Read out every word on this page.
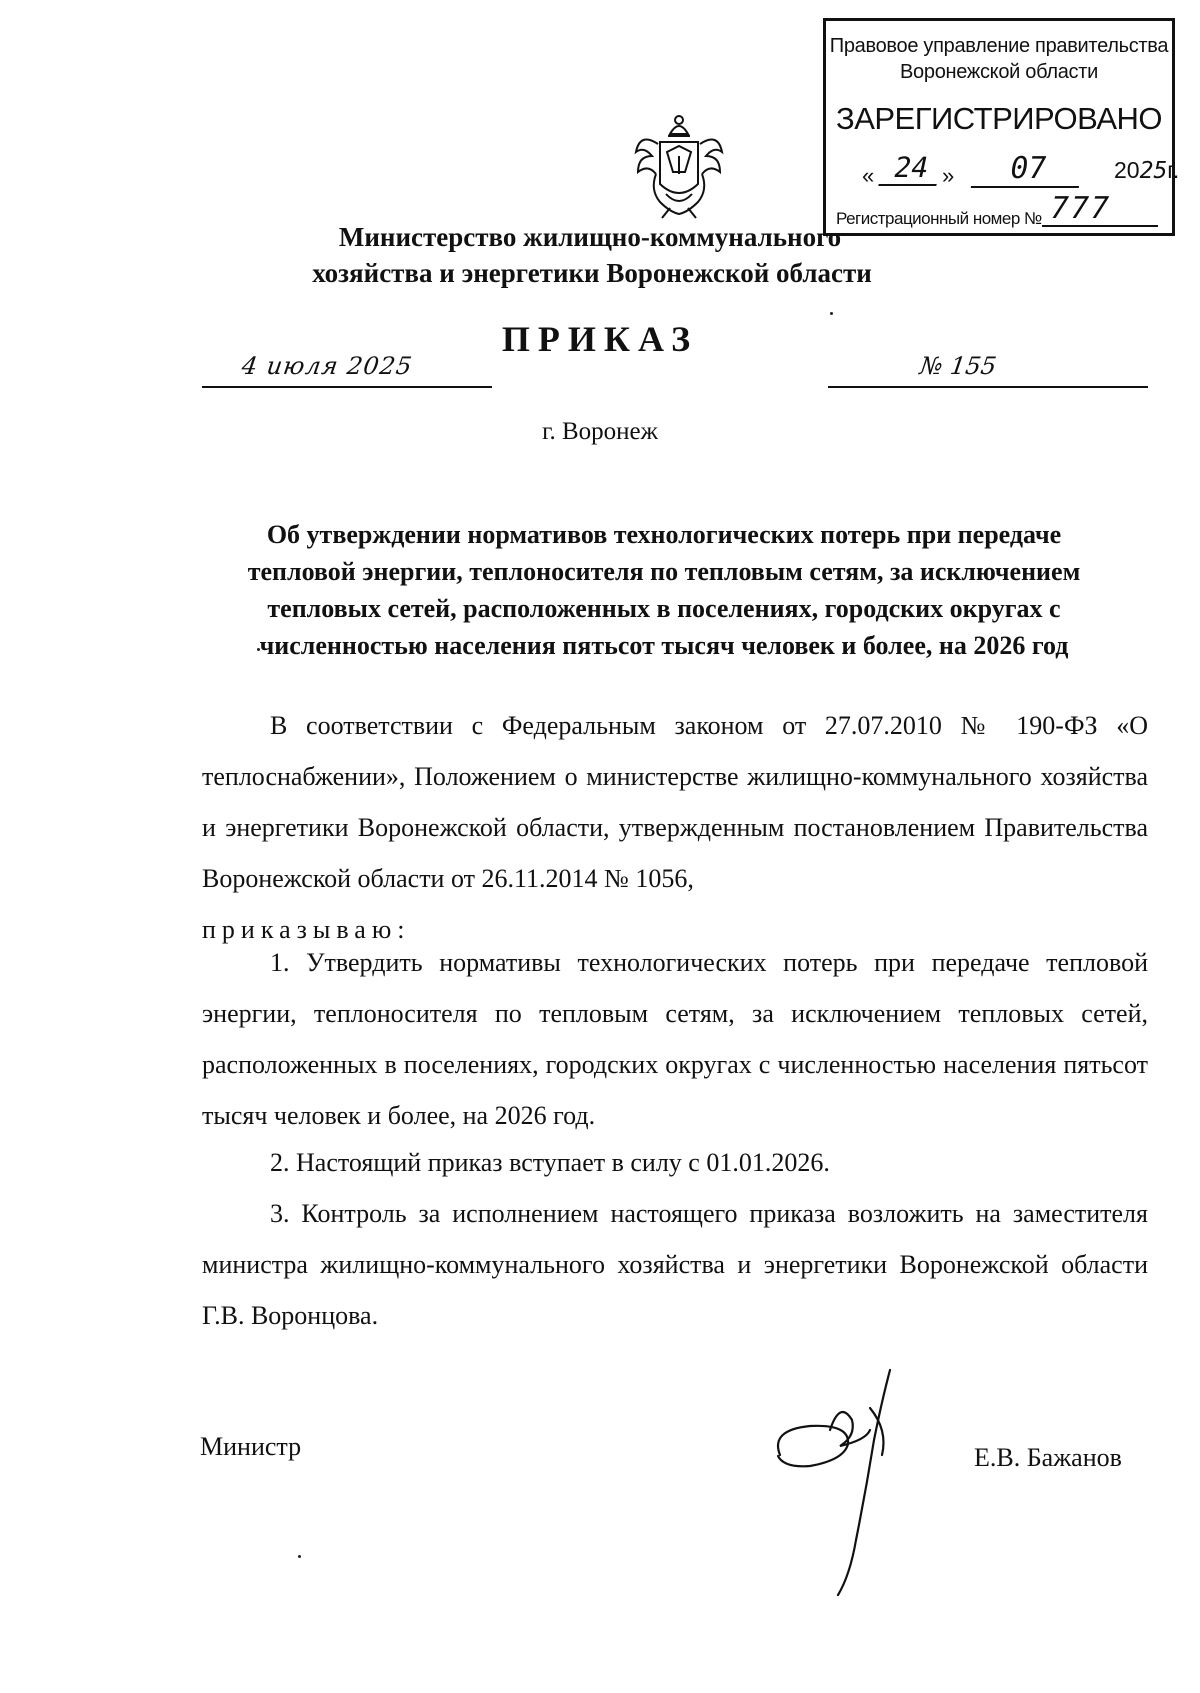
Правовое управление правительства
Воронежской области
ЗАРЕГИСТРИРОВАНО
« 24 »	07	2025г.
Регистрационный номер № 777
Министерство жилищно-коммунального
хозяйства и энергетики Воронежской области
ПРИКАЗ
4 июля 2025	№ 155
г. Воронеж
Об утверждении нормативов технологических потерь при передаче тепловой энергии, теплоносителя по тепловым сетям, за исключением тепловых сетей, расположенных в поселениях, городских округах с численностью населения пятьсот тысяч человек и более, на 2026 год
В соответствии с Федеральным законом от 27.07.2010 № 190-ФЗ «О теплоснабжении», Положением о министерстве жилищно-коммунального хозяйства и энергетики Воронежской области, утвержденным постановлением Правительства Воронежской области от 26.11.2014 № 1056,
приказываю:
1. Утвердить нормативы технологических потерь при передаче тепловой энергии, теплоносителя по тепловым сетям, за исключением тепловых сетей, расположенных в поселениях, городских округах с численностью населения пятьсот тысяч человек и более, на 2026 год.
2. Настоящий приказ вступает в силу с 01.01.2026.
3. Контроль за исполнением настоящего приказа возложить на заместителя министра жилищно-коммунального хозяйства и энергетики Воронежской области Г.В. Воронцова.
Министр	Е.В. Бажанов
